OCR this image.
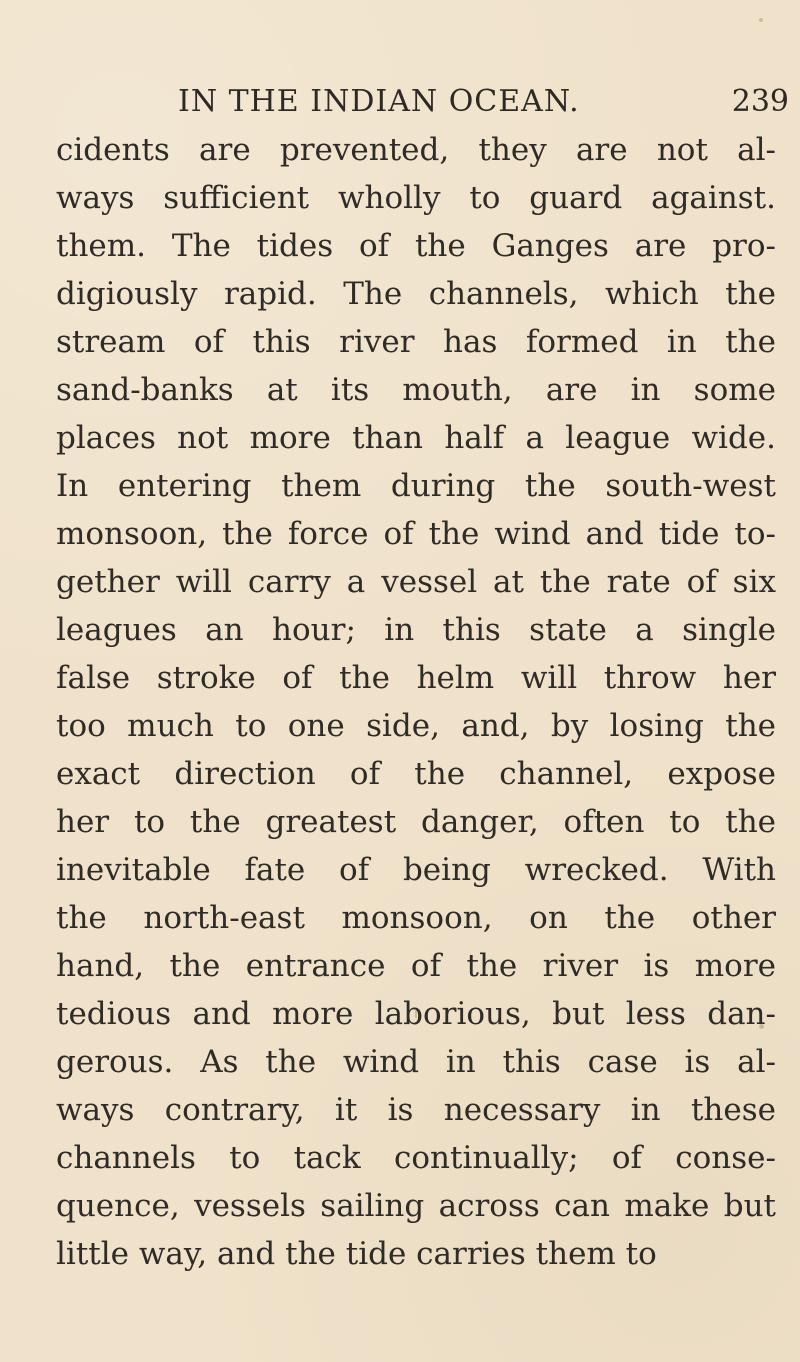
IN THE INDIAN OCEAN.	239
cidents are prevented, they are not al-
ways sufficient wholly to guard against.
them. The tides of the Ganges are pro-
digiously rapid. The channels, which the
stream of this river has formed in the
sand-banks at its mouth, are in some
places not more than half a league wide.
In entering them during the south-west
monsoon, the force of the wind and tide to-
gether will carry a vessel at the rate of six
leagues an hour; in this state a single
false stroke of the helm will throw her
too much to one side, and, by losing the
exact direction of the channel, expose
her to the greatest danger, often to the
inevitable fate of being wrecked. With
the north-east monsoon, on the other
hand, the entrance of the river is more
tedious and more laborious, but less dan-
gerous. As the wind in this case is al-
ways contrary, it is necessary in these
channels to tack continually; of conse-
quence, vessels sailing across can make but
little way, and the tide carries them to
